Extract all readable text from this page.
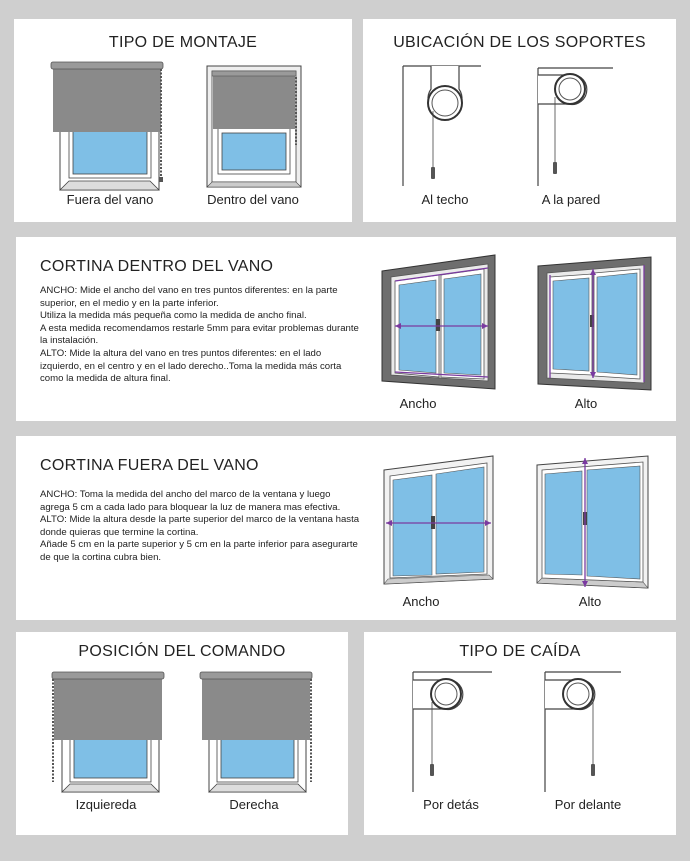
TIPO DE MONTAJE
Fuera del vano	Dentro del vano
UBICACIÓN DE LOS SOPORTES
Al techo	A la pared
CORTINA DENTRO DEL VANO

ANCHO: Mide el ancho del vano en tres puntos diferentes: en la parte superior, en el medio y en la parte inferior.

Utiliza la medida más pequeña como la medida de ancho final.

A esta medida recomendamos restarle 5mm para evitar problemas durante la instalación.

ALTO: Mide la altura del vano en tres puntos diferentes: en el lado izquierdo, en el centro y en el lado derecho..Toma la medida más corta como la medida de altura final.

Ancho	Alto
CORTINA FUERA DEL VANO

ANCHO: Toma la medida del ancho del marco de la ventana y luego agrega 5 cm a cada lado para bloquear la luz de manera mas efectiva.

ALTO: Mide la altura desde la parte superior del marco de la ventana hasta donde quieras que termine la cortina.

Añade 5 cm en la parte superior y 5 cm en la parte inferior para asegurarte de que la cortina cubra bien.

Ancho	Alto
POSICIÓN DEL COMANDO
Izquiereda	Derecha
TIPO DE CAÍDA
Por detás	Por delante
